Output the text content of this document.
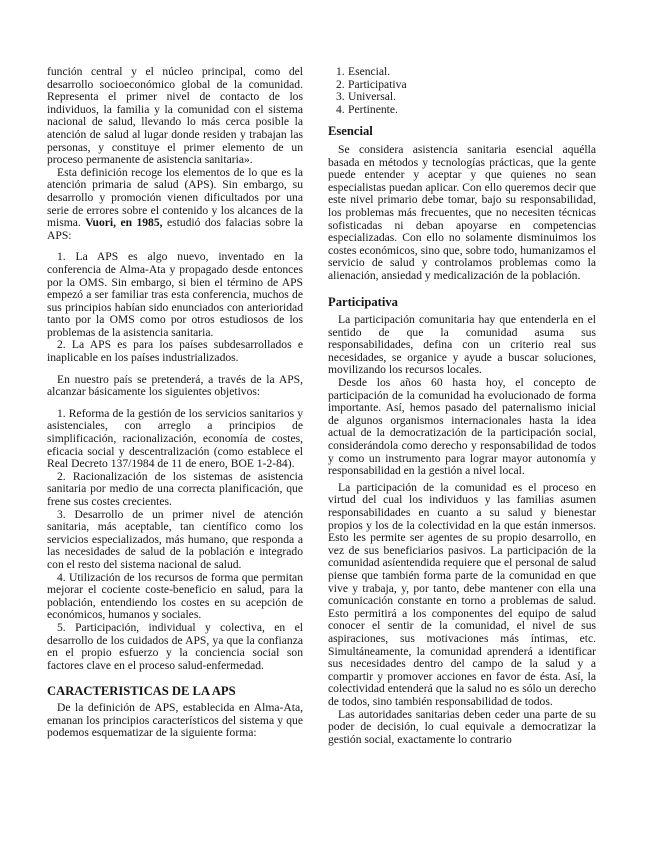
función central y el núcleo principal, como del desarrollo socioeconómico global de la comunidad. Representa el primer nivel de contacto de los individuos, la familia y la comunidad con el sistema nacional de salud, llevando lo más cerca posible la atención de salud al lugar donde residen y trabajan las personas, y constituye el primer elemento de un proceso permanente de asistencia sanitaria».

Esta definición recoge los elementos de lo que es la atención primaria de salud (APS). Sin embargo, su desarrollo y promoción vienen dificultados por una serie de errores sobre el contenido y los alcances de la misma. Vuori, en 1985, estudió dos falacias sobre la APS:

1. La APS es algo nuevo, inventado en la conferencia de Alma-Ata y propagado desde entonces por la OMS. Sin embargo, si bien el término de APS empezó a ser familiar tras esta conferencia, muchos de sus principios habían sido enunciados con anterioridad tanto por la OMS como por otros estudiosos de los problemas de la asistencia sanitaria.

2. La APS es para los países subdesarrollados e inaplicable en los países industrializados.

En nuestro país se pretenderá, a través de la APS, alcanzar básicamente los siguientes objetivos:

1. Reforma de la gestión de los servicios sanitarios y asistenciales, con arreglo a principios de simplificación, racionalización, economía de costes, eficacia social y descentralización (como establece el Real Decreto 137/1984 de 11 de enero, BOE 1-2-84).

2. Racionalización de los sistemas de asistencia sanitaria por medio de una correcta planificación, que frene sus costes crecientes.

3. Desarrollo de un primer nivel de atención sanitaria, más aceptable, tan científico como los servicios especializados, más humano, que responda a las necesidades de salud de la población e integrado con el resto del sistema nacional de salud.

4. Utilización de los recursos de forma que permitan mejorar el cociente coste-beneficio en salud, para la población, entendiendo los costes en su acepción de económicos, humanos y sociales.

5. Participación, individual y colectiva, en el desarrollo de los cuidados de APS, ya que la confianza en el propio esfuerzo y la conciencia social son factores clave en el proceso salud-enfermedad.

CARACTERISTICAS DE LA APS

De la definición de APS, establecida en Alma-Ata, emanan los principios característicos del sistema y que podemos esquematizar de la siguiente forma:

1. Esencial.
2. Participativa
3. Universal.
4. Pertinente.
Esencial

Se considera asistencia sanitaria esencial aquélla basada en métodos y tecnologías prácticas, que la gente puede entender y aceptar y que quienes no sean especialistas puedan aplicar. Con ello queremos decir que este nivel primario debe tomar, bajo su responsabilidad, los problemas más frecuentes, que no necesiten técnicas sofisticadas ni deban apoyarse en competencias especializadas. Con ello no solamente disminuimos los costes económicos, sino que, sobre todo, humanizamos el servicio de salud y controlamos problemas como la alienación, ansiedad y medicalización de la población.

Participativa

La participación comunitaria hay que entenderla en el sentido de que la comunidad asuma sus responsabilidades, defina con un criterio real sus necesidades, se organice y ayude a buscar soluciones, movilizando los recursos locales.

Desde los años 60 hasta hoy, el concepto de participación de la comunidad ha evolucionado de forma importante. Así, hemos pasado del paternalismo inicial de algunos organismos internacionales hasta la idea actual de la democratización de la participación social, considerándola como derecho y responsabilidad de todos y como un instrumento para lograr mayor autonomía y responsabilidad en la gestión a nivel local.

La participación de la comunidad es el proceso en virtud del cual los individuos y las familias asumen responsabilidades en cuanto a su salud y bienestar propios y los de la colectividad en la que están inmersos. Esto les permite ser agentes de su propio desarrollo, en vez de sus beneficiarios pasivos. La participación de la comunidad asíentendida requiere que el personal de salud piense que también forma parte de la comunidad en que vive y trabaja, y, por tanto, debe mantener con ella una comunicación constante en torno a problemas de salud. Esto permitirá a los componentes del equipo de salud conocer el sentir de la comunidad, el nivel de sus aspiraciones, sus motivaciones más íntimas, etc. Simultáneamente, la comunidad aprenderá a identificar sus necesidades dentro del campo de la salud y a compartir y promover acciones en favor de ésta. Así, la colectividad entenderá que la salud no es sólo un derecho de todos, sino también responsabilidad de todos.

Las autoridades sanitarias deben ceder una parte de su poder de decisión, lo cual equivale a democratizar la gestión social, exactamente lo contrario
